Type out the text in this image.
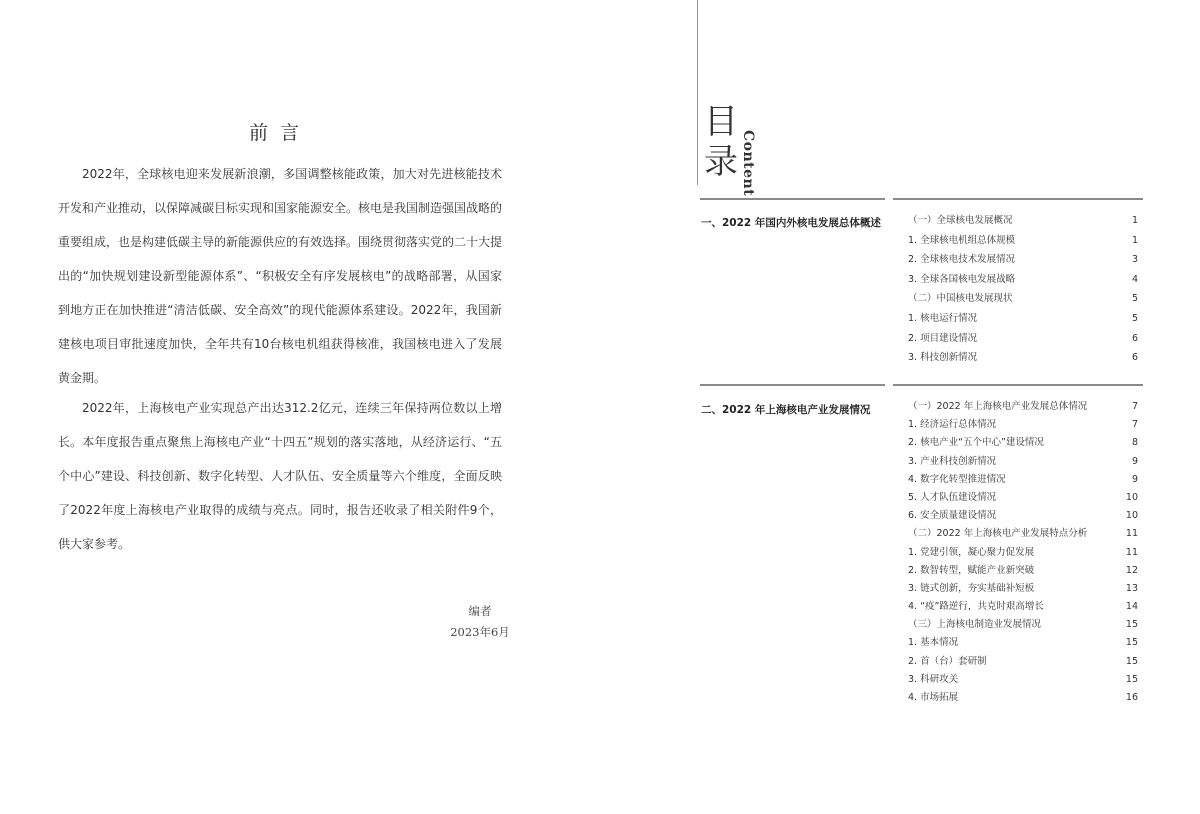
前言

2022年，全球核电迎来发展新浪潮，多国调整核能政策，加大对先进核能技术开发和产业推动，以保障减碳目标实现和国家能源安全。核电是我国制造强国战略的重要组成，也是构建低碳主导的新能源供应的有效选择。围绕贯彻落实党的二十大提出的“加快规划建设新型能源体系”、“积极安全有序发展核电”的战略部署，从国家到地方正在加快推进“清洁低碳、安全高效”的现代能源体系建设。2022年，我国新建核电项目审批速度加快，全年共有10台核电机组获得核准，我国核电进入了发展黄金期。

2022年，上海核电产业实现总产出达312.2亿元，连续三年保持两位数以上增长。本年度报告重点聚焦上海核电产业“十四五”规划的落实落地，从经济运行、“五个中心”建设、科技创新、数字化转型、人才队伍、安全质量等六个维度，全面反映了2022年度上海核电产业取得的成绩与亮点。同时，报告还收录了相关附件9个，供大家参考。

编者
2023年6月
目录 Content
一、2022 年国内外核电发展总体概述	（一）全球核电发展概况	1
1. 全球核电机组总体规模	1
2. 全球核电技术发展情况	3
3. 全球各国核电发展战略	4
（二）中国核电发展现状	5
1. 核电运行情况	5
2. 项目建设情况	6
3. 科技创新情况	6
二、2022 年上海核电产业发展情况	（一）2022 年上海核电产业发展总体情况	7
1. 经济运行总体情况	7
2. 核电产业“五个中心”建设情况	8
3. 产业科技创新情况	9
4. 数字化转型推进情况	9
5. 人才队伍建设情况	10
6. 安全质量建设情况	10
（二）2022 年上海核电产业发展特点分析	11
1. 党建引领，凝心聚力促发展	11
2. 数智转型，赋能产业新突破	12
3. 链式创新，夯实基础补短板	13
4. “疫”路逆行，共克时艰高增长	14
（三）上海核电制造业发展情况	15
1. 基本情况	15
2. 首（台）套研制	15
3. 科研攻关	15
4. 市场拓展	16
